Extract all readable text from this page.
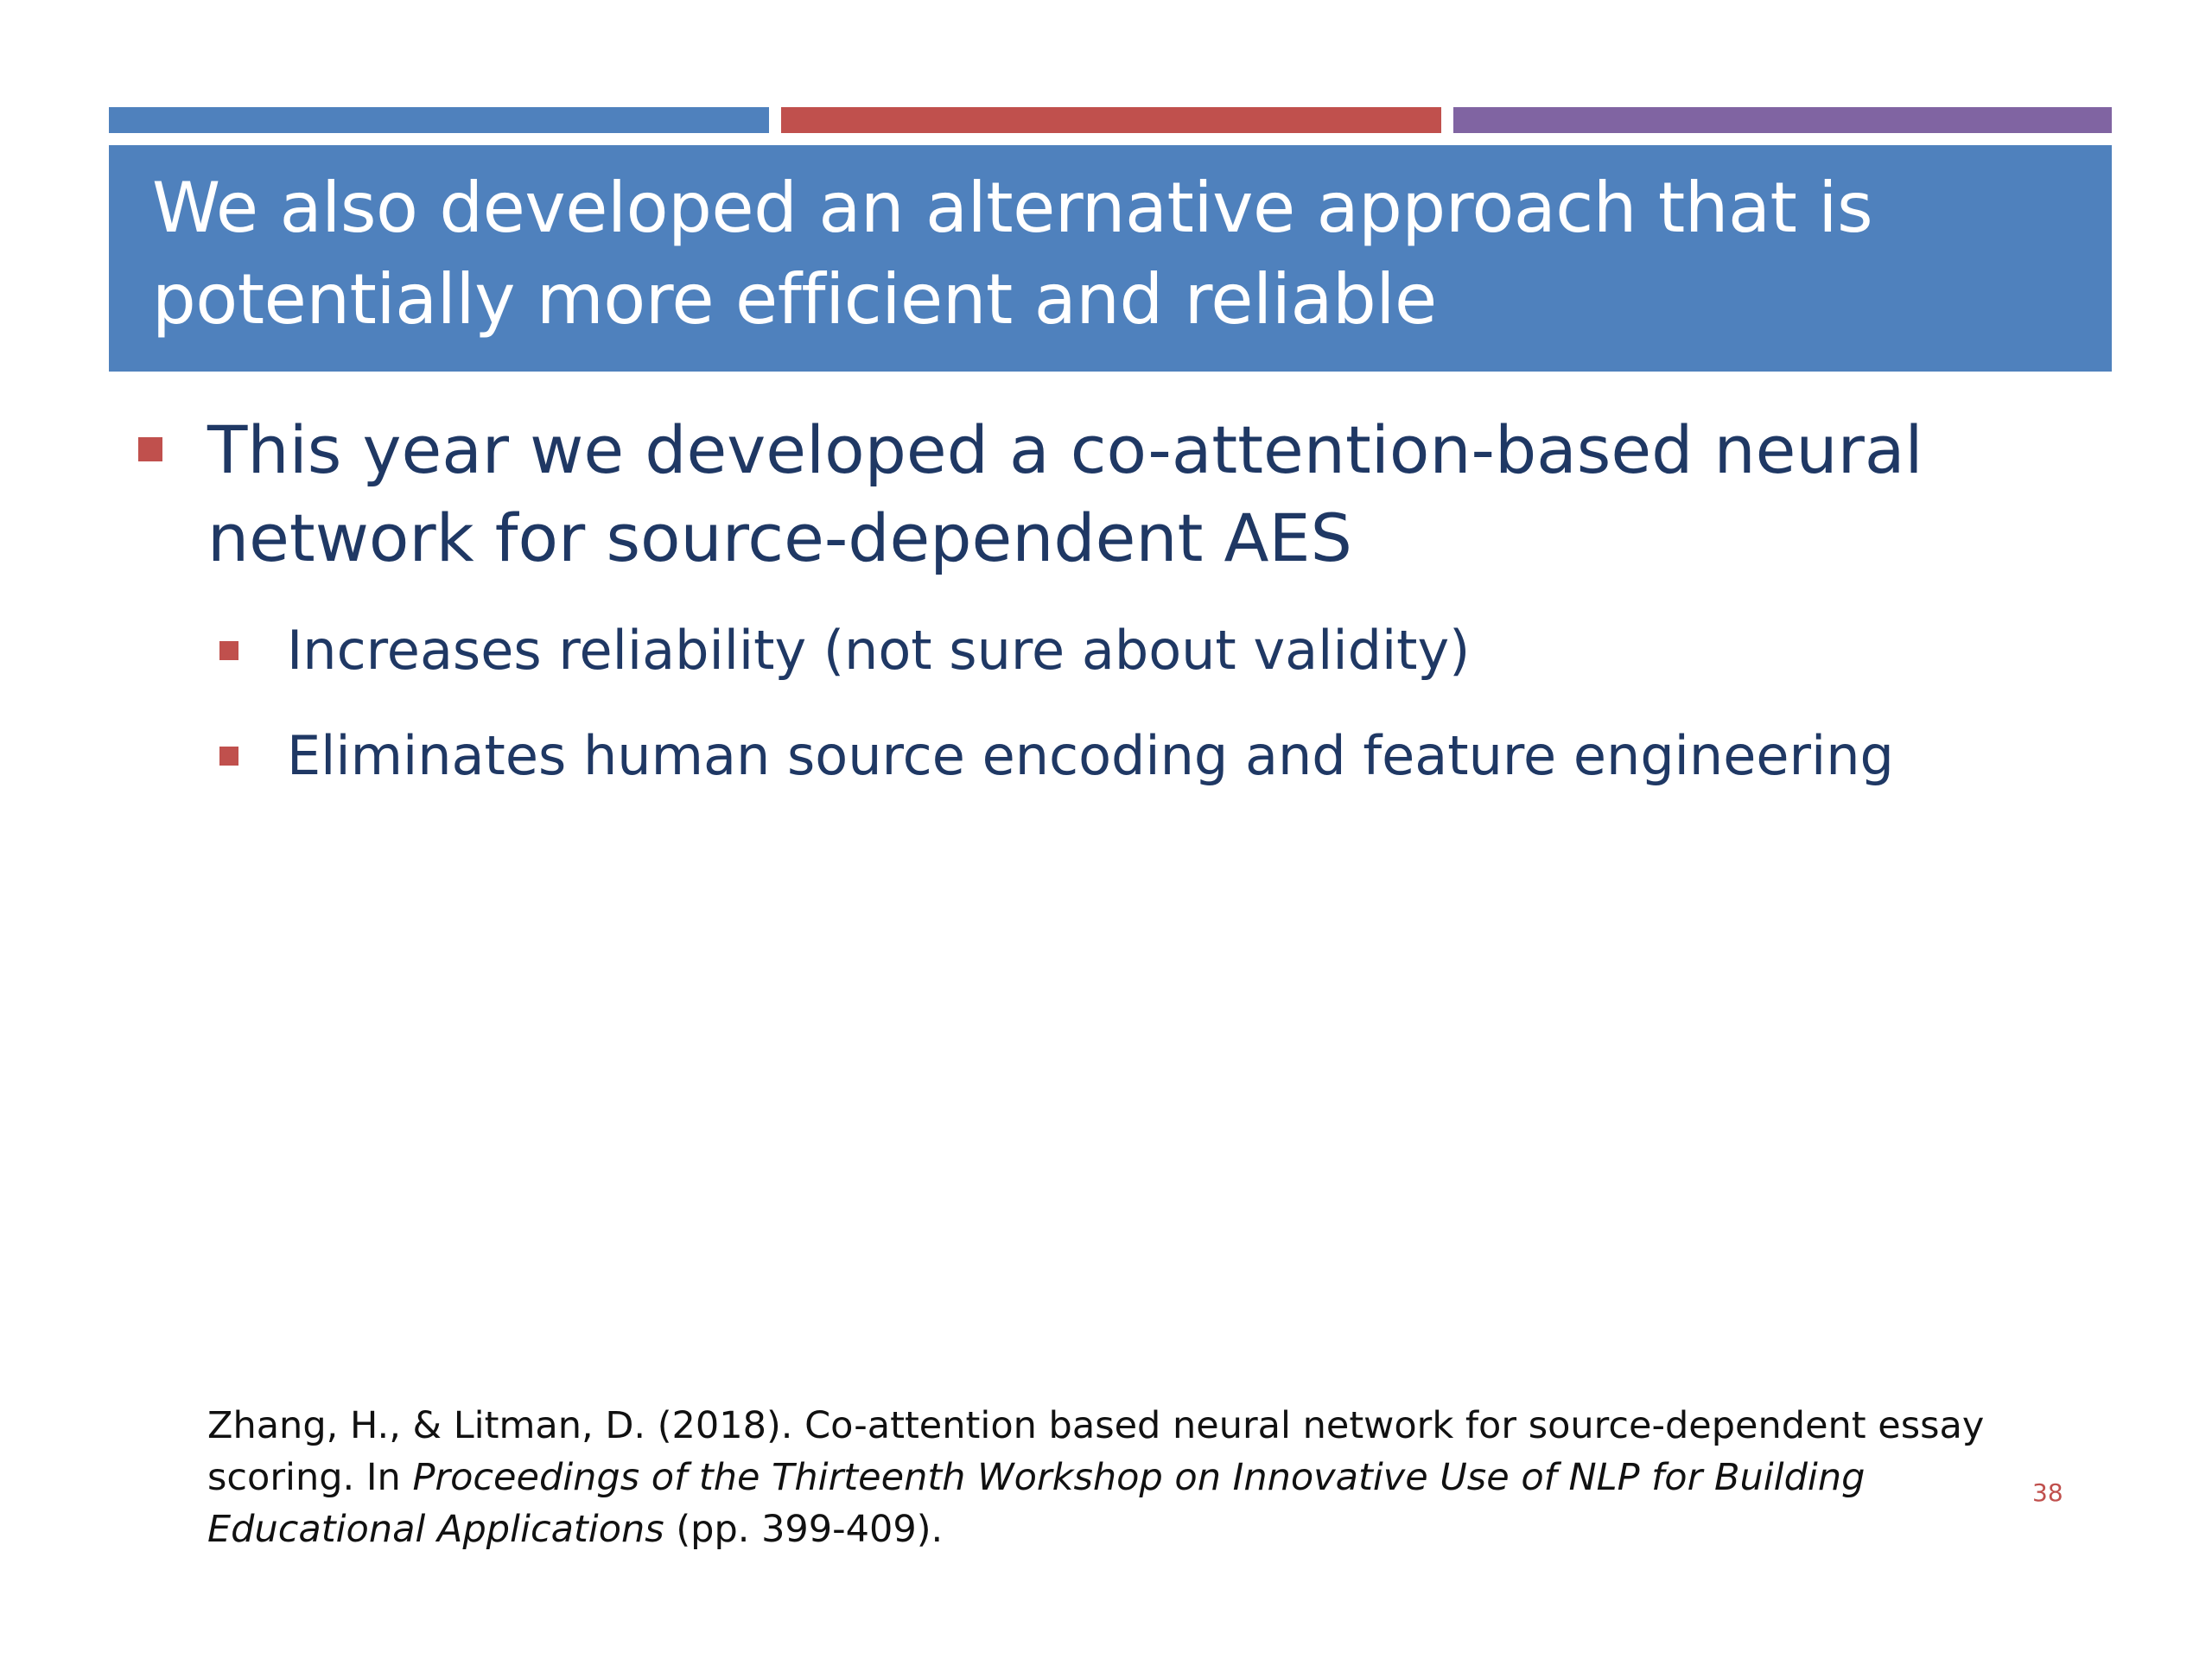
We also developed an alternative approach that is potentially more efficient and reliable
This year we developed a co-attention-based neural network for source-dependent AES
Increases reliability (not sure about validity)
Eliminates human source encoding and feature engineering

Zhang, H., & Litman, D. (2018). Co-attention based neural network for source-dependent essay scoring. In Proceedings of the Thirteenth Workshop on Innovative Use of NLP for Building Educational Applications (pp. 399-409).

38
